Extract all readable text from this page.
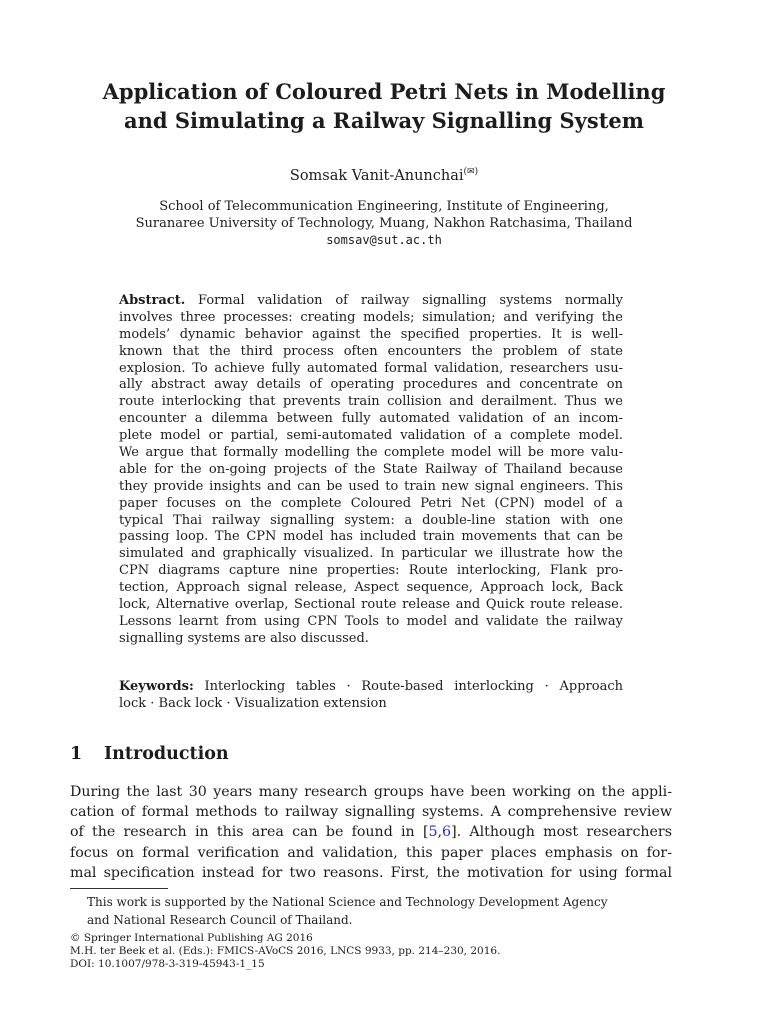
Application of Coloured Petri Nets in Modelling
and Simulating a Railway Signalling System
Somsak Vanit-Anunchai(✉)
School of Telecommunication Engineering, Institute of Engineering,
Suranaree University of Technology, Muang, Nakhon Ratchasima, Thailand
somsav@sut.ac.th
Abstract. Formal validation of railway signalling systems normally
involves three processes: creating models; simulation; and verifying the
models’ dynamic behavior against the specified properties. It is well-
known that the third process often encounters the problem of state
explosion. To achieve fully automated formal validation, researchers usu-
ally abstract away details of operating procedures and concentrate on
route interlocking that prevents train collision and derailment. Thus we
encounter a dilemma between fully automated validation of an incom-
plete model or partial, semi-automated validation of a complete model.
We argue that formally modelling the complete model will be more valu-
able for the on-going projects of the State Railway of Thailand because
they provide insights and can be used to train new signal engineers. This
paper focuses on the complete Coloured Petri Net (CPN) model of a
typical Thai railway signalling system: a double-line station with one
passing loop. The CPN model has included train movements that can be
simulated and graphically visualized. In particular we illustrate how the
CPN diagrams capture nine properties: Route interlocking, Flank pro-
tection, Approach signal release, Aspect sequence, Approach lock, Back
lock, Alternative overlap, Sectional route release and Quick route release.
Lessons learnt from using CPN Tools to model and validate the railway
signalling systems are also discussed.
Keywords: Interlocking tables · Route-based interlocking · Approach
lock · Back lock · Visualization extension
1 Introduction
During the last 30 years many research groups have been working on the appli-
cation of formal methods to railway signalling systems. A comprehensive review
of the research in this area can be found in [5,6]. Although most researchers
focus on formal verification and validation, this paper places emphasis on for-
mal specification instead for two reasons. First, the motivation for using formal
This work is supported by the National Science and Technology Development Agency
and National Research Council of Thailand.
© Springer International Publishing AG 2016
M.H. ter Beek et al. (Eds.): FMICS-AVoCS 2016, LNCS 9933, pp. 214–230, 2016.
DOI: 10.1007/978-3-319-45943-1_15
